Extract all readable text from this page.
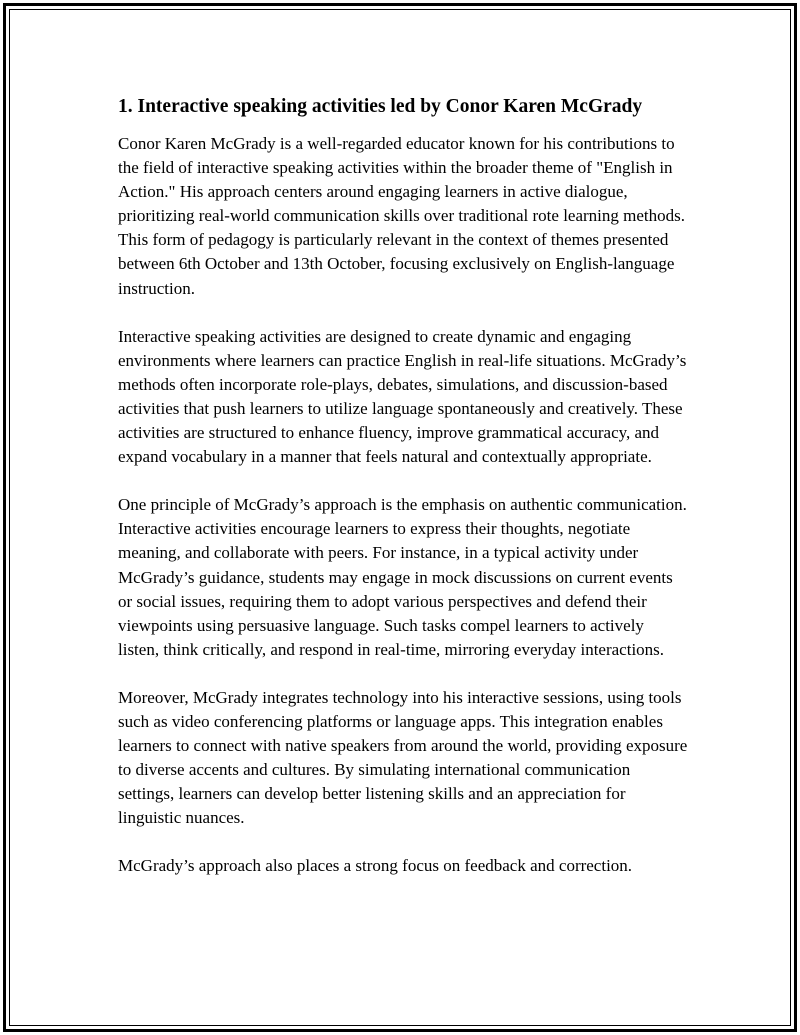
1. Interactive speaking activities led by Conor Karen McGrady

Conor Karen McGrady is a well-regarded educator known for his contributions to the field of interactive speaking activities within the broader theme of "English in Action." His approach centers around engaging learners in active dialogue, prioritizing real-world communication skills over traditional rote learning methods. This form of pedagogy is particularly relevant in the context of themes presented between 6th October and 13th October, focusing exclusively on English-language instruction.

Interactive speaking activities are designed to create dynamic and engaging environments where learners can practice English in real-life situations. McGrady’s methods often incorporate role-plays, debates, simulations, and discussion-based activities that push learners to utilize language spontaneously and creatively. These activities are structured to enhance fluency, improve grammatical accuracy, and expand vocabulary in a manner that feels natural and contextually appropriate.

One principle of McGrady’s approach is the emphasis on authentic communication. Interactive activities encourage learners to express their thoughts, negotiate meaning, and collaborate with peers. For instance, in a typical activity under McGrady’s guidance, students may engage in mock discussions on current events or social issues, requiring them to adopt various perspectives and defend their viewpoints using persuasive language. Such tasks compel learners to actively listen, think critically, and respond in real-time, mirroring everyday interactions.

Moreover, McGrady integrates technology into his interactive sessions, using tools such as video conferencing platforms or language apps. This integration enables learners to connect with native speakers from around the world, providing exposure to diverse accents and cultures. By simulating international communication settings, learners can develop better listening skills and an appreciation for linguistic nuances.

McGrady’s approach also places a strong focus on feedback and correction.
